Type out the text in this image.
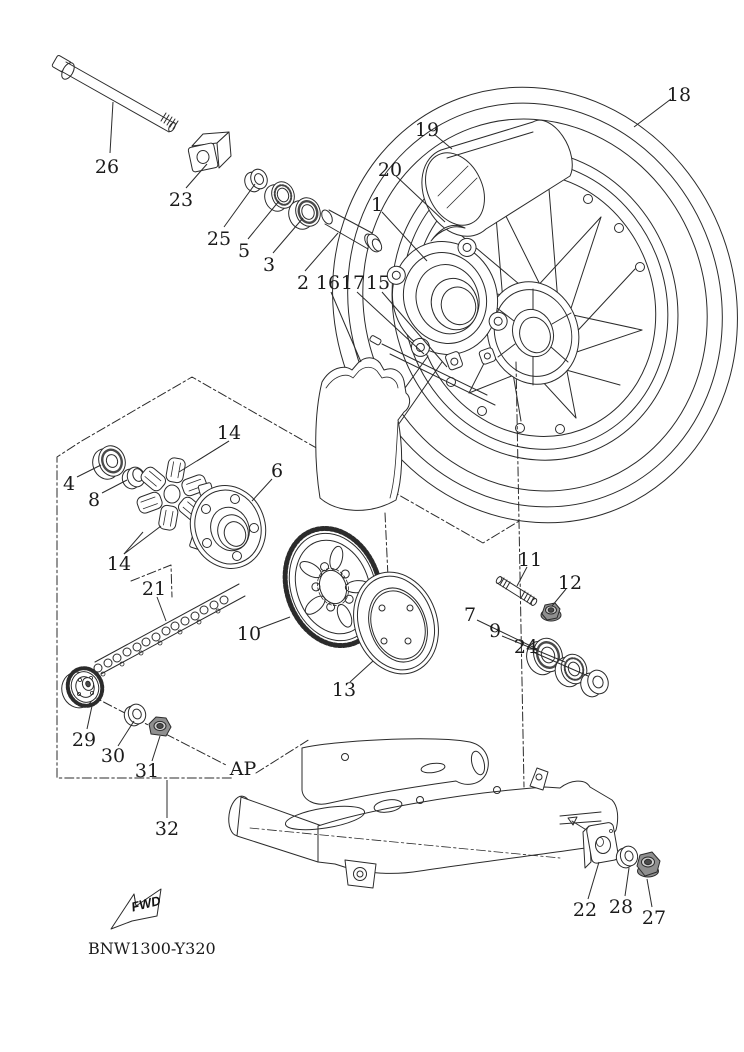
FWD
BNW1300-Y320
26
23
25
5
3
2 16 17 15
1
20
19
18
4
8
14
14
6
21
10
13
7
9
24
11
12
29
30
31
32
22 28 27
AP
